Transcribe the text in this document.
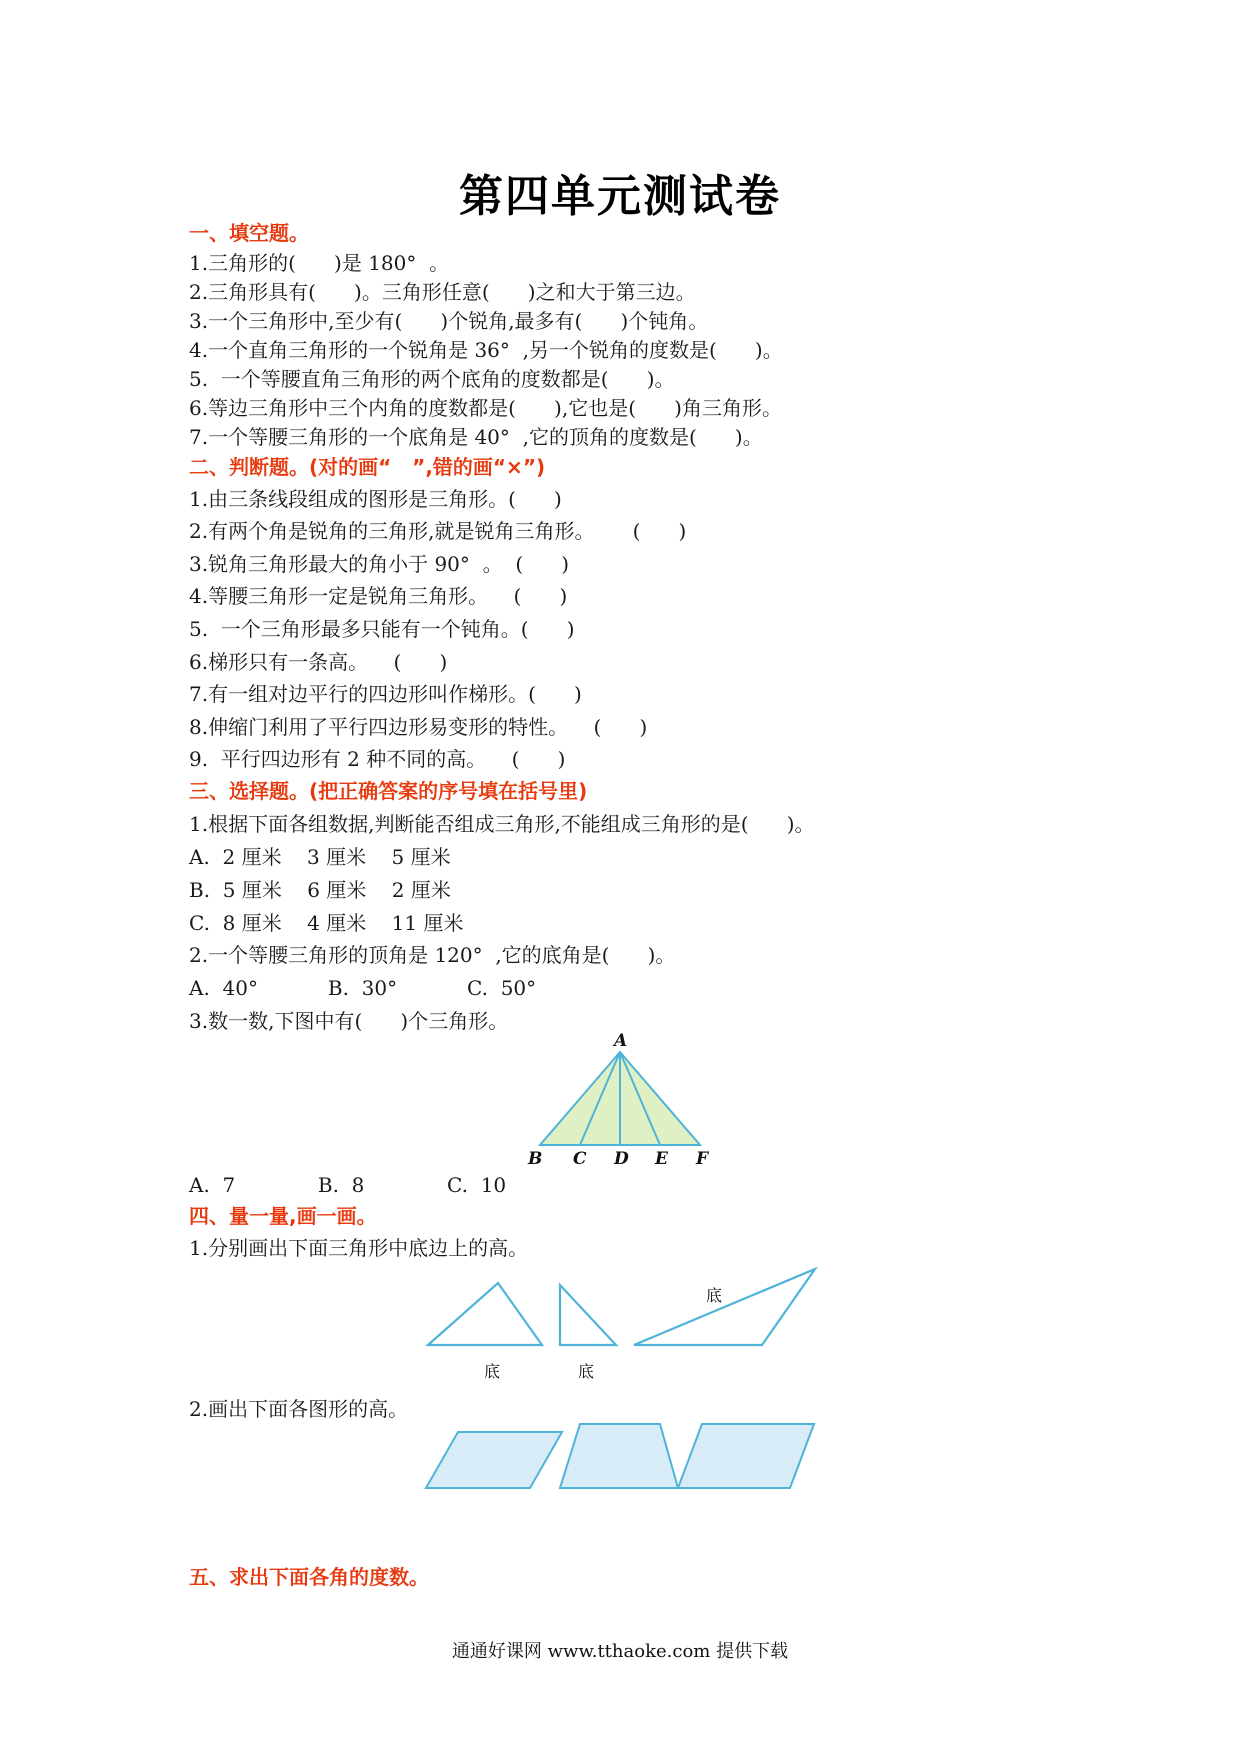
第四单元测试卷
一、填空题。
1.三角形的(      )是 180°  。
2.三角形具有(      )。三角形任意(      )之和大于第三边。
3.一个三角形中,至少有(      )个锐角,最多有(      )个钝角。
4.一个直角三角形的一个锐角是 36°  ,另一个锐角的度数是(      )。
5.  一个等腰直角三角形的两个底角的度数都是(      )。
6.等边三角形中三个内角的度数都是(      ),它也是(      )角三角形。
7.一个等腰三角形的一个底角是 40°  ,它的顶角的度数是(      )。
二、判断题。(对的画“   ”,错的画“×”)
1.由三条线段组成的图形是三角形。(      )
2.有两个角是锐角的三角形,就是锐角三角形。      (      )
3.锐角三角形最大的角小于 90°  。  (      )
4.等腰三角形一定是锐角三角形。    (      )
5.  一个三角形最多只能有一个钝角。(      )
6.梯形只有一条高。    (      )
7.有一组对边平行的四边形叫作梯形。(      )
8.伸缩门利用了平行四边形易变形的特性。    (      )
9.  平行四边形有 2 种不同的高。    (      )
三、选择题。(把正确答案的序号填在括号里)
1.根据下面各组数据,判断能否组成三角形,不能组成三角形的是(      )。
A.  2 厘米    3 厘米    5 厘米
B.  5 厘米    6 厘米    2 厘米
C.  8 厘米    4 厘米    11 厘米
2.一个等腰三角形的顶角是 120°  ,它的底角是(      )。
A.  40°           B.  30°           C.  50°
3.数一数,下图中有(      )个三角形。
A
B C D E F
A.  7             B.  8             C.  10
四、量一量,画一画。
1.分别画出下面三角形中底边上的高。
底	底
底
2.画出下面各图形的高。
五、求出下面各角的度数。
通通好课网 www.tthaoke.com 提供下载
